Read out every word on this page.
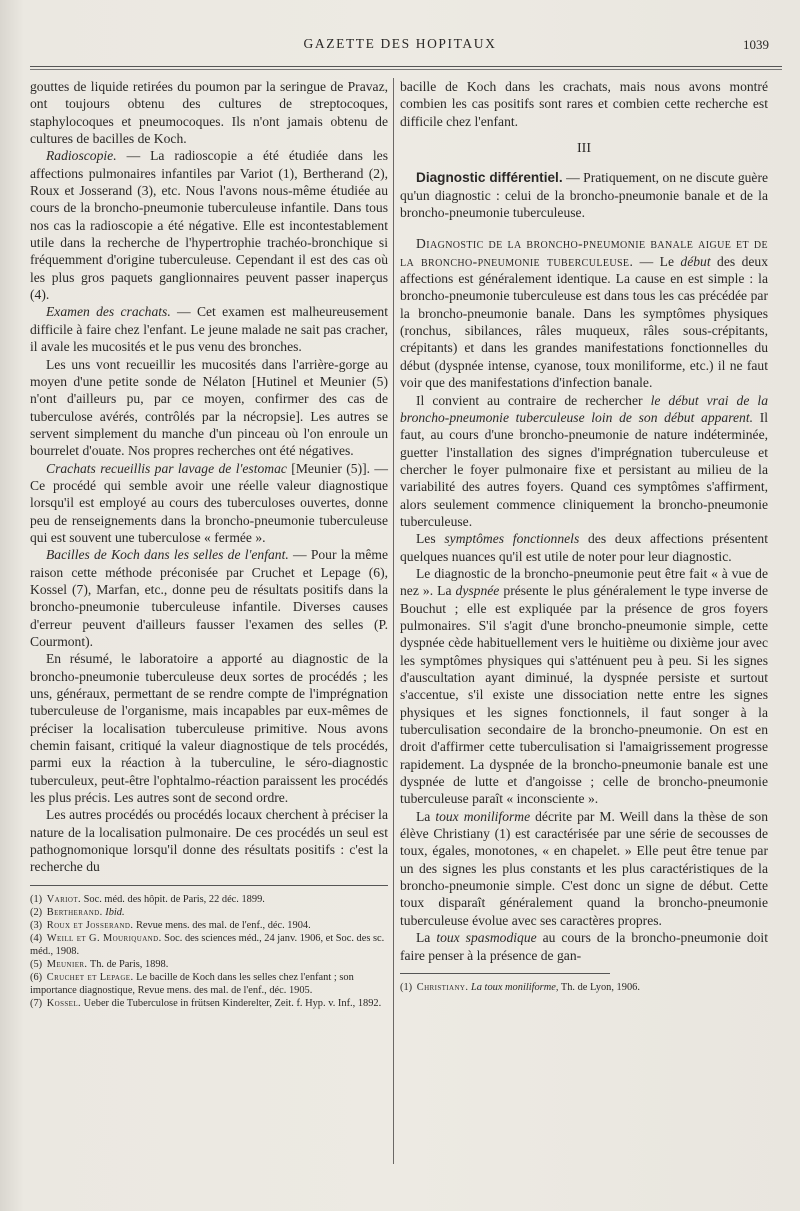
GAZETTE DES HOPITAUX	1039

gouttes de liquide retirées du poumon par la seringue de Pravaz, ont toujours obtenu des cultures de streptocoques, staphylocoques et pneumocoques. Ils n'ont jamais obtenu de cultures de bacilles de Koch.

Radioscopie. — La radioscopie a été étudiée dans les affections pulmonaires infantiles par Variot (1), Bertherand (2), Roux et Josserand (3), etc. Nous l'avons nous-même étudiée au cours de la broncho-pneumonie tuberculeuse infantile. Dans tous nos cas la radioscopie a été négative. Elle est incontestablement utile dans la recherche de l'hypertrophie trachéo-bronchique si fréquemment d'origine tuberculeuse. Cependant il est des cas où les plus gros paquets ganglionnaires peuvent passer inaperçus (4).

Examen des crachats. — Cet examen est malheureusement difficile à faire chez l'enfant. Le jeune malade ne sait pas cracher, il avale les mucosités et le pus venu des bronches.

Les uns vont recueillir les mucosités dans l'arrière-gorge au moyen d'une petite sonde de Nélaton [Hutinel et Meunier (5) n'ont d'ailleurs pu, par ce moyen, confirmer des cas de tuberculose avérés, contrôlés par la nécropsie]. Les autres se servent simplement du manche d'un pinceau où l'on enroule un bourrelet d'ouate. Nos propres recherches ont été négatives.

Crachats recueillis par lavage de l'estomac [Meunier (5)]. — Ce procédé qui semble avoir une réelle valeur diagnostique lorsqu'il est employé au cours des tuberculoses ouvertes, donne peu de renseignements dans la broncho-pneumonie tuberculeuse qui est souvent une tuberculose « fermée ».

Bacilles de Koch dans les selles de l'enfant. — Pour la même raison cette méthode préconisée par Cruchet et Lepage (6), Kossel (7), Marfan, etc., donne peu de résultats positifs dans la broncho-pneumonie tuberculeuse infantile. Diverses causes d'erreur peuvent d'ailleurs fausser l'examen des selles (P. Courmont).

En résumé, le laboratoire a apporté au diagnostic de la broncho-pneumonie tuberculeuse deux sortes de procédés ; les uns, généraux, permettant de se rendre compte de l'imprégnation tuberculeuse de l'organisme, mais incapables par eux-mêmes de préciser la localisation tuberculeuse primitive. Nous avons chemin faisant, critiqué la valeur diagnostique de tels procédés, parmi eux la réaction à la tuberculine, le séro-diagnostic tuberculeux, peut-être l'ophtalmo-réaction paraissent les procédés les plus précis. Les autres sont de second ordre.

Les autres procédés ou procédés locaux cherchent à préciser la nature de la localisation pulmonaire. De ces procédés un seul est pathognomonique lorsqu'il donne des résultats positifs : c'est la recherche du

(1) Variot. Soc. méd. des hôpit. de Paris, 22 déc. 1899.
(2) Bertherand. Ibid.
(3) Roux et Josserand. Revue mens. des mal. de l'enf., déc. 1904.
(4) Weill et G. Mouriquand. Soc. des sciences méd., 24 janv. 1906, et Soc. des sc. méd., 1908.
(5) Meunier. Th. de Paris, 1898.
(6) Cruchet et Lepage. Le bacille de Koch dans les selles chez l'enfant ; son importance diagnostique, Revue mens. des mal. de l'enf., déc. 1905.
(7) Kossel. Ueber die Tuberculose in frütsen Kinderelter, Zeit. f. Hyp. v. Inf., 1892.

bacille de Koch dans les crachats, mais nous avons montré combien les cas positifs sont rares et combien cette recherche est difficile chez l'enfant.

III

Diagnostic différentiel. — Pratiquement, on ne discute guère qu'un diagnostic : celui de la broncho-pneumonie banale et de la broncho-pneumonie tuberculeuse.

Diagnostic de la broncho-pneumonie banale aigue et de la broncho-pneumonie tuberculeuse. — Le début des deux affections est généralement identique. La cause en est simple : la broncho-pneumonie tuberculeuse est dans tous les cas précédée par la broncho-pneumonie banale. Dans les symptômes physiques (ronchus, sibilances, râles muqueux, râles sous-crépitants, crépitants) et dans les grandes manifestations fonctionnelles du début (dyspnée intense, cyanose, toux moniliforme, etc.) il ne faut voir que des manifestations d'infection banale.

Il convient au contraire de rechercher le début vrai de la broncho-pneumonie tuberculeuse loin de son début apparent. Il faut, au cours d'une broncho-pneumonie de nature indéterminée, guetter l'installation des signes d'imprégnation tuberculeuse et chercher le foyer pulmonaire fixe et persistant au milieu de la variabilité des autres foyers. Quand ces symptômes s'affirment, alors seulement commence cliniquement la broncho-pneumonie tuberculeuse.

Les symptômes fonctionnels des deux affections présentent quelques nuances qu'il est utile de noter pour leur diagnostic.

Le diagnostic de la broncho-pneumonie peut être fait « à vue de nez ». La dyspnée présente le plus généralement le type inverse de Bouchut ; elle est expliquée par la présence de gros foyers pulmonaires. S'il s'agit d'une broncho-pneumonie simple, cette dyspnée cède habituellement vers le huitième ou dixième jour avec les symptômes physiques qui s'atténuent peu à peu. Si les signes d'auscultation ayant diminué, la dyspnée persiste et surtout s'accentue, s'il existe une dissociation nette entre les signes physiques et les signes fonctionnels, il faut songer à la tuberculisation secondaire de la broncho-pneumonie. On est en droit d'affirmer cette tuberculisation si l'amaigrissement progresse rapidement. La dyspnée de la broncho-pneumonie banale est une dyspnée de lutte et d'angoisse ; celle de broncho-pneumonie tuberculeuse paraît « inconsciente ».

La toux moniliforme décrite par M. Weill dans la thèse de son élève Christiany (1) est caractérisée par une série de secousses de toux, égales, monotones, « en chapelet. » Elle peut être tenue par un des signes les plus constants et les plus caractéristiques de la broncho-pneumonie simple. C'est donc un signe de début. Cette toux disparaît généralement quand la broncho-pneumonie tuberculeuse évolue avec ses caractères propres.

La toux spasmodique au cours de la broncho-pneumonie doit faire penser à la présence de gan-

(1) Christiany. La toux moniliforme, Th. de Lyon, 1906.
